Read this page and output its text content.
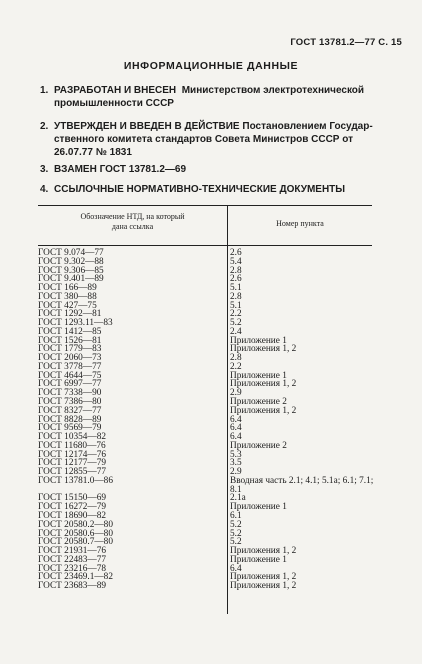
ГОСТ 13781.2—77 С. 15
ИНФОРМАЦИОННЫЕ ДАННЫЕ
1. РАЗРАБОТАН И ВНЕСЕН Министерством электротехнической
промышленности СССР
2. УТВЕРЖДЕН И ВВЕДЕН В ДЕЙСТВИЕ Постановлением Государ-
ственного комитета стандартов Совета Министров СССР от
26.07.77 № 1831
3. ВЗАМЕН ГОСТ 13781.2—69
4. ССЫЛОЧНЫЕ НОРМАТИВНО-ТЕХНИЧЕСКИЕ ДОКУМЕНТЫ
Обозначение НТД, на который
дана ссылка	Номер пункта
ГОСТ 9.074—77	2.6
ГОСТ 9.302—88	5.4
ГОСТ 9.306—85	2.8
ГОСТ 9.401—89	2.6
ГОСТ 166—89	5.1
ГОСТ 380—88	2.8
ГОСТ 427—75	5.1
ГОСТ 1292—81	2.2
ГОСТ 1293.11—83	5.2
ГОСТ 1412—85	2.4
ГОСТ 1526—81	Приложение 1
ГОСТ 1779—83	Приложения 1, 2
ГОСТ 2060—73	2.8
ГОСТ 3778—77	2.2
ГОСТ 4644—75	Приложение 1
ГОСТ 6997—77	Приложения 1, 2
ГОСТ 7338—90	2.9
ГОСТ 7386—80	Приложение 2
ГОСТ 8327—77	Приложения 1, 2
ГОСТ 8828—89	6.4
ГОСТ 9569—79	6.4
ГОСТ 10354—82	6.4
ГОСТ 11680—76	Приложение 2
ГОСТ 12174—76	5.3
ГОСТ 12177—79	3.5
ГОСТ 12855—77	2.9
ГОСТ 13781.0—86	Вводная часть 2.1; 4.1; 5.1а; 6.1; 7.1;
8.1
ГОСТ 15150—69	2.1а
ГОСТ 16272—79	Приложение 1
ГОСТ 18690—82	6.1
ГОСТ 20580.2—80	5.2
ГОСТ 20580.6—80	5.2
ГОСТ 20580.7—80	5.2
ГОСТ 21931—76	Приложения 1, 2
ГОСТ 22483—77	Приложение 1
ГОСТ 23216—78	6.4
ГОСТ 23469.1—82	Приложения 1, 2
ГОСТ 23683—89	Приложения 1, 2
